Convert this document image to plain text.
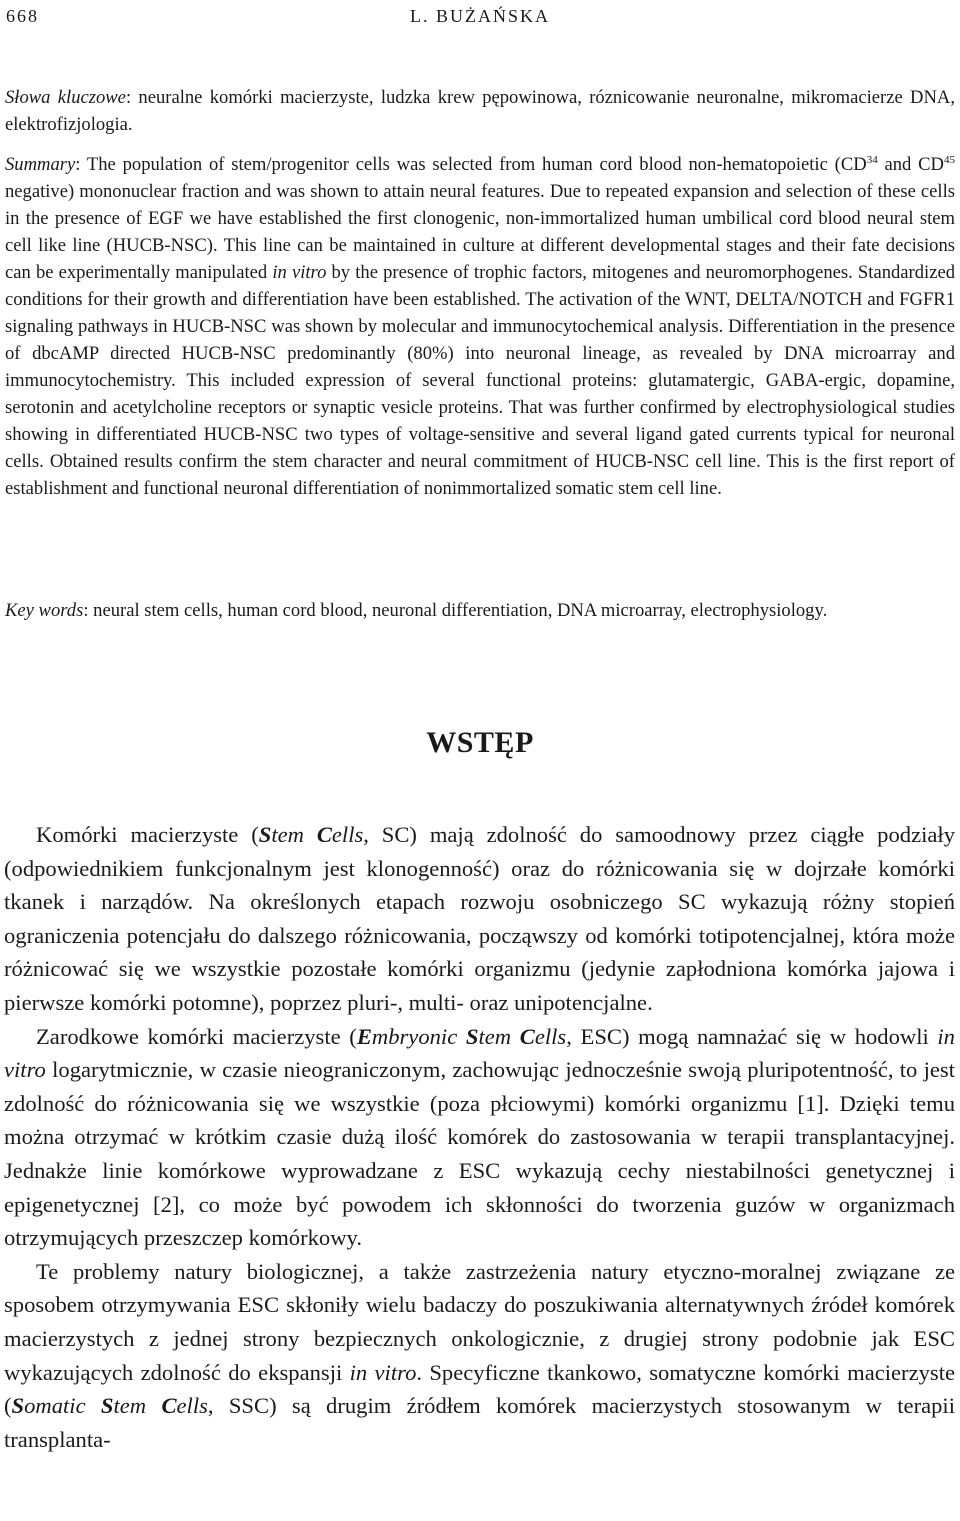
668	L. BUŻAŃSKA

Słowa kluczowe: neuralne komórki macierzyste, ludzka krew pępowinowa, róznicowanie neuronalne, mikromacierze DNA, elektrofizjologia.

Summary: The population of stem/progenitor cells was selected from human cord blood non-hematopoietic (CD$^{34}$ and CD$^{45}$ negative) mononuclear fraction and was shown to attain neural features. Due to repeated expansion and selection of these cells in the presence of EGF we have established the first clonogenic, non-immortalized human umbilical cord blood neural stem cell like line (HUCB-NSC). This line can be maintained in culture at different developmental stages and their fate decisions can be experimentally manipulated in vitro by the presence of trophic factors, mitogenes and neuromorphogenes. Standardized conditions for their growth and differentiation have been established. The activation of the WNT, DELTA/NOTCH and FGFR1 signaling pathways in HUCB-NSC was shown by molecular and immunocytochemical analysis. Differentiation in the presence of dbcAMP directed HUCB-NSC predominantly (80%) into neuronal lineage, as revealed by DNA microarray and immunocytochemistry. This included expression of several functional proteins: glutamatergic, GABA-ergic, dopamine, serotonin and acetylcholine receptors or synaptic vesicle proteins. That was further confirmed by electrophysiological studies showing in differentiated HUCB-NSC two types of voltage-sensitive and several ligand gated currents typical for neuronal cells. Obtained results confirm the stem character and neural commitment of HUCB-NSC cell line. This is the first report of establishment and functional neuronal differentiation of nonimmortalized somatic stem cell line.

Key words: neural stem cells, human cord blood, neuronal differentiation, DNA microarray, electrophysiology.

WSTĘP

Komórki macierzyste (Stem Cells, SC) mają zdolność do samoodnowy przez ciągłe podziały (odpowiednikiem funkcjonalnym jest klonogenność) oraz do różnicowania się w dojrzałe komórki tkanek i narządów. Na określonych etapach rozwoju osobniczego SC wykazują różny stopień ograniczenia potencjału do dalszego różnicowania, począwszy od komórki totipotencjalnej, która może różnicować się we wszystkie pozostałe komórki organizmu (jedynie zapłodniona komórka jajowa i pierwsze komórki potomne), poprzez pluri-, multi- oraz unipotencjalne.

Zarodkowe komórki macierzyste (Embryonic Stem Cells, ESC) mogą namnażać się w hodowli in vitro logarytmicznie, w czasie nieograniczonym, zachowując jednocześnie swoją pluripotentność, to jest zdolność do różnicowania się we wszystkie (poza płciowymi) komórki organizmu [1]. Dzięki temu można otrzymać w krótkim czasie dużą ilość komórek do zastosowania w terapii transplantacyjnej. Jednakże linie komórkowe wyprowadzane z ESC wykazują cechy niestabilności genetycznej i epigenetycznej [2], co może być powodem ich skłonności do tworzenia guzów w organizmach otrzymujących przeszczep komórkowy.

Te problemy natury biologicznej, a także zastrzeżenia natury etyczno-moralnej związane ze sposobem otrzymywania ESC skłoniły wielu badaczy do poszukiwania alternatywnych źródeł komórek macierzystych z jednej strony bezpiecznych onkologicznie, z drugiej strony podobnie jak ESC wykazujących zdolność do ekspansji in vitro. Specyficzne tkankowo, somatyczne komórki macierzyste (Somatic Stem Cells, SSC) są drugim źródłem komórek macierzystych stosowanym w terapii transplanta-
